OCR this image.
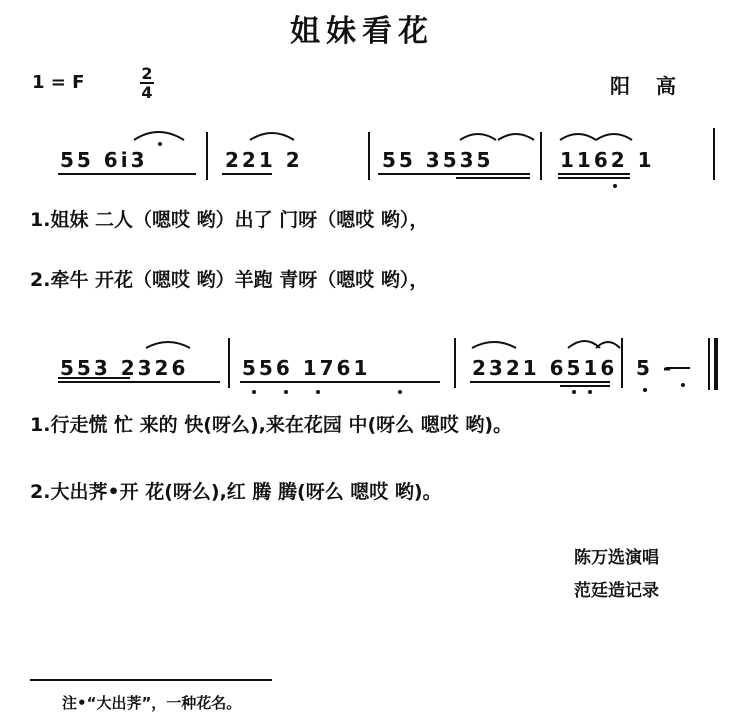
姐妹看花
1 = F	2
4	阳高
55 6i3	221 2	55 3535	1162 1
1.姐妹 二人（嗯哎 哟）出了 门呀（嗯哎 哟），
2.牵牛 开花（嗯哎 哟）羊跑 青呀（嗯哎 哟），
553 2326	556 1761	2321 6516 5 -
1.行走慌 忙 来的 快(呀么),来在花园 中(呀么 嗯哎 哟)。
2.大出荠•开 花(呀么),红 腾 腾(呀么 嗯哎 哟)。
陈万选演唱
范廷造记录
注•“大出荠”，一种花名。
